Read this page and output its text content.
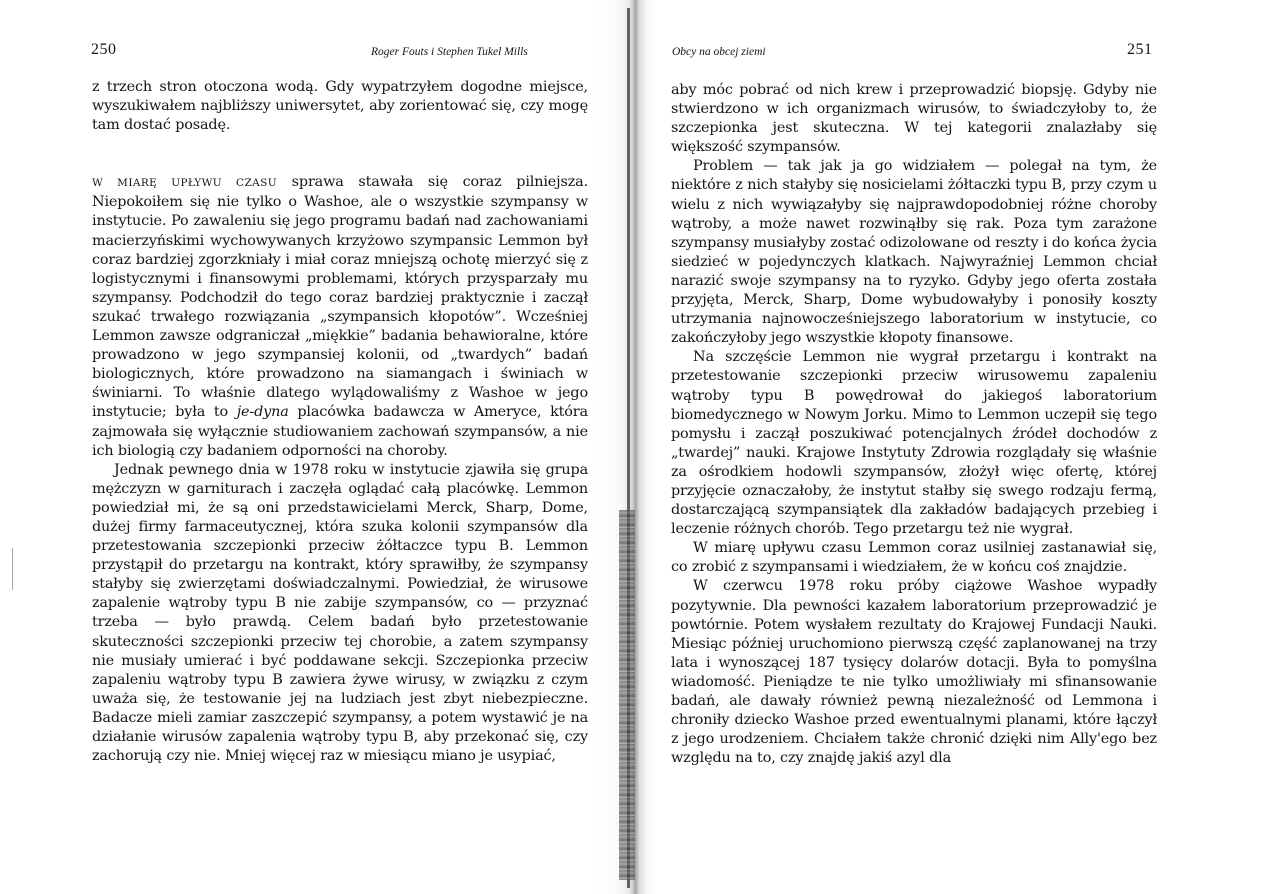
250	Roger Fouts i Stephen Tukel Mills

z trzech stron otoczona wodą. Gdy wypatrzyłem dogodne miejsce, wyszukiwałem najbliższy uniwersytet, aby zorientować się, czy mogę tam dostać posadę.

W MIARĘ UPŁYWU CZASU sprawa stawała się coraz pilniejsza. Niepokoiłem się nie tylko o Washoe, ale o wszystkie szympansy w instytucie. Po zawaleniu się jego programu badań nad zachowaniami macierzyńskimi wychowywanych krzyżowo szympansic Lemmon był coraz bardziej zgorzkniały i miał coraz mniejszą ochotę mierzyć się z logistycznymi i finansowymi problemami, których przysparzały mu szympansy. Podchodził do tego coraz bardziej praktycznie i zaczął szukać trwałego rozwiązania „szympansich kłopotów”. Wcześniej Lemmon zawsze odgraniczał „miękkie” badania behawioralne, które prowadzono w jego szympansiej kolonii, od „twardych” badań biologicznych, które prowadzono na siamangach i świniach w świniarni. To właśnie dlatego wylądowaliśmy z Washoe w jego instytucie; była to je-dyna placówka badawcza w Ameryce, która zajmowała się wyłącznie studiowaniem zachowań szympansów, a nie ich biologią czy badaniem odporności na choroby.

Jednak pewnego dnia w 1978 roku w instytucie zjawiła się grupa mężczyzn w garniturach i zaczęła oglądać całą placówkę. Lemmon powiedział mi, że są oni przedstawicielami Merck, Sharp, Dome, dużej firmy farmaceutycznej, która szuka kolonii szympansów dla przetestowania szczepionki przeciw żółtaczce typu B. Lemmon przystąpił do przetargu na kontrakt, który sprawiłby, że szympansy stałyby się zwierzętami doświadczalnymi. Powiedział, że wirusowe zapalenie wątroby typu B nie zabije szympansów, co — przyznać trzeba — było prawdą. Celem badań było przetestowanie skuteczności szczepionki przeciw tej chorobie, a zatem szympansy nie musiały umierać i być poddawane sekcji. Szczepionka przeciw zapaleniu wątroby typu B zawiera żywe wirusy, w związku z czym uważa się, że testowanie jej na ludziach jest zbyt niebezpieczne. Badacze mieli zamiar zaszczepić szympansy, a potem wystawić je na działanie wirusów zapalenia wątroby typu B, aby przekonać się, czy zachorują czy nie. Mniej więcej raz w miesiącu miano je usypiać,

Obcy na obcej ziemi	251

aby móc pobrać od nich krew i przeprowadzić biopsję. Gdyby nie stwierdzono w ich organizmach wirusów, to świadczyłoby to, że szczepionka jest skuteczna. W tej kategorii znalazłaby się większość szympansów.

Problem — tak jak ja go widziałem — polegał na tym, że niektóre z nich stałyby się nosicielami żółtaczki typu B, przy czym u wielu z nich wywiązałyby się najprawdopodobniej różne choroby wątroby, a może nawet rozwinąłby się rak. Poza tym zarażone szympansy musiałyby zostać odizolowane od reszty i do końca życia siedzieć w pojedynczych klatkach. Najwyraźniej Lemmon chciał narazić swoje szympansy na to ryzyko. Gdyby jego oferta została przyjęta, Merck, Sharp, Dome wybudowałyby i ponosiły koszty utrzymania najnowocześniejszego laboratorium w instytucie, co zakończyłoby jego wszystkie kłopoty finansowe.

Na szczęście Lemmon nie wygrał przetargu i kontrakt na przetestowanie szczepionki przeciw wirusowemu zapaleniu wątroby typu B powędrował do jakiegoś laboratorium biomedycznego w Nowym Jorku. Mimo to Lemmon uczepił się tego pomysłu i zaczął poszukiwać potencjalnych źródeł dochodów z „twardej” nauki. Krajowe Instytuty Zdrowia rozglądały się właśnie za ośrodkiem hodowli szympansów, złożył więc ofertę, której przyjęcie oznaczałoby, że instytut stałby się swego rodzaju fermą, dostarczającą szympansiątek dla zakładów badających przebieg i leczenie różnych chorób. Tego przetargu też nie wygrał.

W miarę upływu czasu Lemmon coraz usilniej zastanawiał się, co zrobić z szympansami i wiedziałem, że w końcu coś znajdzie.

W czerwcu 1978 roku próby ciążowe Washoe wypadły pozytywnie. Dla pewności kazałem laboratorium przeprowadzić je powtórnie. Potem wysłałem rezultaty do Krajowej Fundacji Nauki. Miesiąc później uruchomiono pierwszą część zaplanowanej na trzy lata i wynoszącej 187 tysięcy dolarów dotacji. Była to pomyślna wiadomość. Pieniądze te nie tylko umożliwiały mi sfinansowanie badań, ale dawały również pewną niezależność od Lemmona i chroniły dziecko Washoe przed ewentualnymi planami, które łączył z jego urodzeniem. Chciałem także chronić dzięki nim Ally'ego bez względu na to, czy znajdę jakiś azyl dla
